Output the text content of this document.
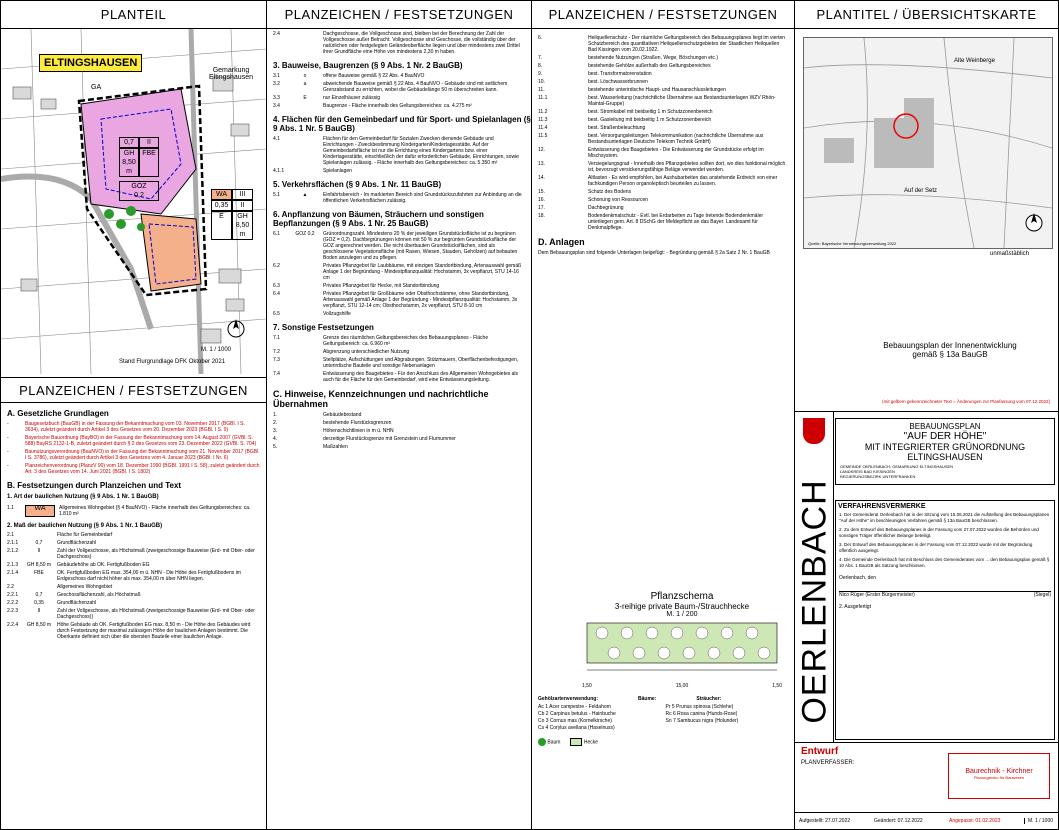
PLANTEIL
ELTINGSHAUSEN
Gemarkung Eltingshausen
0,7	II
GH
8,50 m
FBE
GOZ
0,2	WA	III
0,35	II
E	GH
8,50 m
GA
M. 1 / 1000
Stand Flurgrundlage DFK Oktober 2021
PLANZEICHEN / FESTSETZUNGEN
A. Gesetzliche Grundlagen
-	Baugesetzbuch (BauGB) in der Fassung der Bekanntmachung vom 03. November 2017 (BGBl. I S. 3634), zuletzt geändert durch Artikel 3 des Gesetzes vom 20. Dezember 2023 (BGBl. I S. 9)
-	Bayerische Bauordnung (BayBO) in der Fassung der Bekanntmachung vom 14. August 2007 (GVBl. S. 588) BayRS 2132-1-B, zuletzt geändert durch § 2 des Gesetzes vom 23. Dezember 2022 (GVBl. S. 704)
-	Baunutzungsverordnung (BauNVO) in der Fassung der Bekanntmachung vom 21. November 2017 (BGBl. I S. 3786), zuletzt geändert durch Artikel 3 des Gesetzes vom 4. Januar 2023 (BGBl. I Nr. 6)
-	Planzeichenverordnung (PlanzV 90) vom 18. Dezember 1990 (BGBl. 1991 I S. 58), zuletzt geändert durch Art. 3 des Gesetzes vom 14. Juni 2021 (BGBl. I S. 1802)
B. Festsetzungen durch Planzeichen und Text
1. Art der baulichen Nutzung (§ 9 Abs. 1 Nr. 1 BauGB)
1.1	WA	Allgemeines Wohngebiet (§ 4 BauNVO) - Fläche innerhalb des Geltungsbereiches: ca. 1.810 m²
2. Maß der baulichen Nutzung (§ 9 Abs. 1 Nr. 1 BauGB)
2.1	Fläche für Gemeinbedarf
2.1.1	0,7	Grundflächenzahl
2.1.2	II	Zahl der Vollgeschosse, als Höchstmaß (zweigeschossige Bauweise (Erd- mit Ober- oder Dachgeschoss)
2.1.3	GH 8,50 m	Gebäudehöhe ab OK. Fertigfußboden EG
2.1.4	FBE	OK. Fertigfußboden EG max. 354,00 m ü. NHN - Die Höhe des Fertigfußbodens im Erdgeschoss darf nicht höher als max. 354,00 m über NHN liegen.
2.2	Allgemeines Wohngebiet
2.2.1	0,7	Geschossflächenzahl, als Höchstmaß
2.2.2	0,35	Grundflächenzahl
2.2.3	II	Zahl der Vollgeschosse, als Höchstmaß (zweigeschossige Bauweise (Erd- mit Ober- oder Dachgeschoss))
2.2.4	GH 8,50 m	Höhe Gebäude ab OK. Fertigfußboden EG max. 8,50 m - Die Höhe des Gebäudes wird durch Festsetzung der maximal zulässigen Höhe der baulichen Anlagen bestimmt. Die Oberkante definiert sich über die obersten Bauteile einer baulichen Anlage.
PLANZEICHEN / FESTSETZUNGEN
2.4	Dachgeschosse, die Vollgeschosse sind, bleiben bei der Berechnung der Zahl der Vollgeschosse außer Betracht. Vollgeschosse sind Geschosse, die vollständig über der natürlichen oder festgelegten Geländeoberfläche liegen und über mindestens zwei Drittel ihrer Grundfläche eine Höhe von mindestens 2,30 m haben.
3. Bauweise, Baugrenzen (§ 9 Abs. 1 Nr. 2 BauGB)
3.1	o	offene Bauweise gemäß § 22 Abs. 4 BauNVO
3.2	a	abweichende Bauweise gemäß § 22 Abs. 4 BauNVO - Gebäude sind mit seitlichem Grenzabstand zu errichten, wobei die Gebäudelänge 50 m überschreiten kann.
3.3	E	nur Einzelhäuser zulässig
3.4	Baugrenze - Fläche innerhalb des Geltungsbereiches: ca. 4.275 m²
4. Flächen für den Gemeinbedarf und für Sport- und Spielanlagen (§ 9 Abs. 1 Nr. 5 BauGB)
4.1	Flächen für den Gemeinbedarf für Sozialen Zwecken dienende Gebäude und Einrichtungen - Zweckbestimmung Kindergarten/Kindertagesstätte. Auf der Gemeinbedarfsfläche ist nur die Errichtung eines Kindergartens bzw. einer Kindertagesstätte, einschließlich der dafür erforderlichen Gebäude, Einrichtungen, sowie Spielanlagen zulässig. - Fläche innerhalb des Geltungsbereiches: ca. 5.350 m²
4.1.1	Spielanlagen
5. Verkehrsflächen (§ 9 Abs. 1 Nr. 11 BauGB)
5.1	▲	Einfahrtsbereich - Im markierten Bereich sind Grundstückszufahrten zur Anbindung an die öffentlichen Verkehrsflächen zulässig.
6. Anpflanzung von Bäumen, Sträuchern und sonstigen Bepflanzungen (§ 9 Abs. 1 Nr. 25 BauGB)
6.1	GOZ 0,2	Grünordnungszahl. Mindestens 20 % der jeweiligen Grundstücksfläche ist zu begrünen (GOZ = 0,2). Dachbegrünungen können mit 50 % zur begrünten Grundstücksfläche der GOZ angerechnet werden. Die nicht überbauten Grundstücksflächen, sind als geschlossene Vegetationsfläche (mit Rasen, Wiesen, Stauden, Gehölzen) auf bebauten Boden anzulegen und zu pflegen.
6.2	Privates Pflanzgebot für Laubbäume, mit einzigen Standortbindung, Artenauswahl gemäß Anlage 1 der Begründung - Mindestpflanzqualität: Hochstamm, 3x verpflanzt, STU 14-16 cm
6.3	Privates Pflanzgebot für Hecke, mit Standortbindung
6.4	Privates Pflanzgebot für Großbäume oder Obsthochstämme, ohne Standortbindung, Artenauswahl gemäß Anlage 1 der Begründung - Mindestpflanzqualität: Hochstamm, 3x verpflanzt, STU 12-14 cm; Obsthochstamm, 2x verpflanzt, STU 8-10 cm
6.5	Vollzugshilfe
7. Sonstige Festsetzungen
7.1	Grenze des räumlichen Geltungsbereiches des Bebauungsplanes - Fläche Geltungsbereich: ca. 6.960 m²
7.2	Abgrenzung unterschiedlicher Nutzung
7.3	Stellplätze, Aufschüttungen und Abgrabungen, Stützmauern, Oberflächenbefestigungen, unterirdische Bauteile und sonstige Nebenanlagen
7.4	Entwässerung des Baugebietes - Für den Anschluss des Allgemeinen Wohngebietes als auch für die Fläche für den Gemeinbedarf, wird eine Entwässerungsleitung.
C. Hinweise, Kennzeichnungen und nachrichtliche Übernahmen
1.	Gebäudebestand
2.	bestehende Flurstücksgrenzen
3.	Höhenschichtlinien in m ü. NHN
4.	derzeitige Flurstücksgrenze mit Grenzstein und Flurnummer
5.	Maßzahlen
PLANZEICHEN / FESTSETZUNGEN
6.	Heilquellenschutz - Der räumliche Geltungsbereich des Bebauungsplanes liegt im vierten Schutzbereich des quantitativen Heilquellenschutzgebietes der Staatlichen Heilquellen Bad Kissingen vom 20.02.1922.
7.	bestehende Nutzungen (Straßen, Wege, Böschungen etc.)
8.	bestehende Gehölze außerhalb des Geltungsbereiches
9.	best. Transformatorenstation
10.	best. Löschwasserbrunnen
11.	bestehende unterirdische Haupt- und Hausanschlussleitungen
11.1	best. Wasserleitung (nachrichtliche Übernahme aus Bestandsunterlagen WZV Rhön-Maintal-Gruppe)
11.2	best. Stromkabel mit beidseitig 1 m Schutzzonenbereich
11.3	best. Gasleitung mit beidseitig 1 m Schutzzonenbereich
11.4	best. Straßenbeleuchtung
11.5	best. Versorgungsleitungen Telekommunikation (nachrichtliche Übernahme aus Bestandsunterlagen Deutsche Telekom Technik GmbH)
12.	Entwässerung des Baugebietes - Die Entwässerung der Grundstücke erfolgt im Mischsystem.
13.	Versiegelungsgrad - Innerhalb des Pflanzgebietes sollten dort, wo dies funktional möglich ist, bevorzugt versickerungsfähige Beläge verwendet werden.
14.	Altlasten - Es wird empfohlen, bei Aushubarbeiten das anstehende Erdreich von einer fachkundigen Person organoleptisch beurteilen zu lassen.
15.	Schutz des Bodens
16.	Schonung von Ressourcen
17.	Dachbegrünung
18.	Bodendenkmalschutz - Evtl. bei Erdarbeiten zu Tage tretende Bodendenkmäler unterliegen gem. Art. 8 DSchG der Meldepflicht an das Bayer. Landesamt für Denkmalpflege.
D. Anlagen
Dem Bebauungsplan sind folgende Unterlagen beigefügt: - Begründung gemäß § 2a Satz 2 Nr. 1 BauGB
Pflanzschema
3-reihige private Baum-/Strauchhecke
M. 1 / 200
1,50	15,00	1,50
Gehölzartenverwendung:	Bäume:	Sträucher:
Ac 1 Acer campestre - Feldahorn
Cb 2 Carpinus betulus - Hainbuche
Co 3 Cornus mas (Kornelkirsche)
Cs 4 Corylus avellana (Haselnuss)
Pr 5 Prunus spinosa (Schlehe)
Rc 6 Rosa canina (Hunds-Rose)
Sn 7 Sambucus nigra (Holunder)
Baum	Hecke
PLANTITEL / ÜBERSICHTSKARTE
Alte Weinberge
Auf der Setz
Quelle: Bayerische Vermessungsverwaltung 2022
unmaßstäblich
Bebauungsplan der Innenentwicklung
gemäß § 13a BauGB
(mit gelbem gekennzeichneter Text = Änderungen zur Planfassung vom 07.12.2022)
OERLENBACH
BEBAUUNGSPLAN
"AUF DER HÖHE"
MIT INTEGRIERTER GRÜNORDNUNG
ELTINGSHAUSEN
GEMEINDE OERLENBACH, GEMARKUNG ELTINGSHAUSEN
LANDKREIS BAD KISSINGEN
REGIERUNGSBEZIRK UNTERFRANKEN
VERFAHRENSVERMERKE
1. Der Gemeinderat Oerlenbach hat in der Sitzung vom 15.06.2021 die Aufstellung des Bebauungsplanes "Auf der Höhe" im beschleunigten Verfahren gemäß § 13a BauGB beschlossen.
2. Zu dem Entwurf des Bebauungsplanes in der Fassung vom 27.07.2022 wurden die Behörden und sonstigen Träger öffentlicher Belange beteiligt.
3. Der Entwurf des Bebauungsplanes in der Fassung vom 07.12.2022 wurde mit der Begründung öffentlich ausgelegt.
4. Die Gemeinde Oerlenbach hat mit Beschluss des Gemeinderates vom ... den Bebauungsplan gemäß § 10 Abs. 1 BauGB als Satzung beschlossen.
Oerlenbach, den
Nico Rüger (Erster Bürgermeister)	(Siegel)
2. Ausgefertigt
Entwurf
PLANVERFASSER:
Baurechnik - Kirchner
Planungsbüro für Bauwesen
Aufgestellt: 27.07.2022	Geändert: 07.12.2022	Angepasst: 01.02.2023	M. 1 / 1000
